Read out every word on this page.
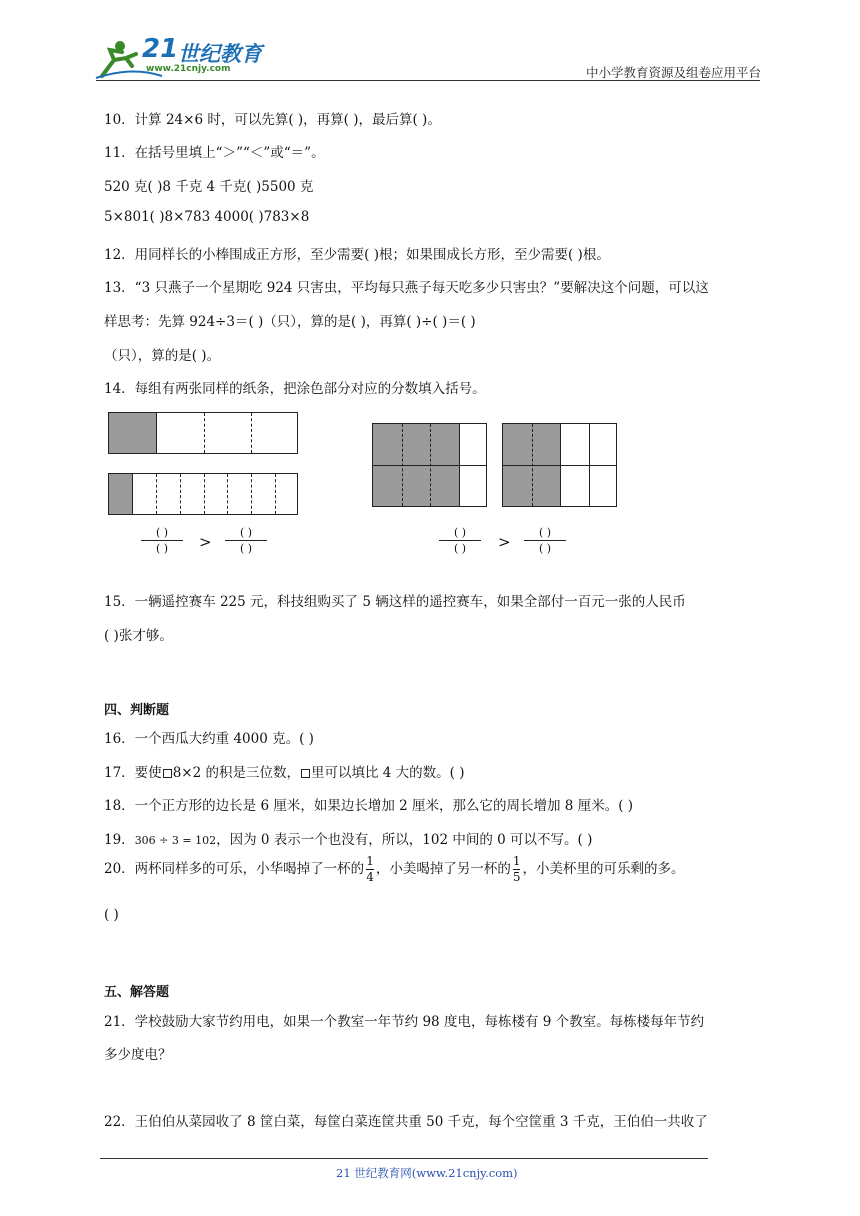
21 世纪教育
www.21cnjy.com	中小学教育资源及组卷应用平台
10．计算 24×6 时，可以先算( )，再算( )，最后算( )。
11．在括号里填上“＞”“＜”或“＝”。
520 克( )8 千克 4 千克( )5500 克
5×801( )8×783 4000( )783×8
12．用同样长的小棒围成正方形，至少需要( )根；如果围成长方形，至少需要( )根。
13．“3 只燕子一个星期吃 924 只害虫，平均每只燕子每天吃多少只害虫？”要解决这个问题，可以这
样思考：先算 924÷3＝( )（只），算的是( )，再算( )÷( )＝( )
（只），算的是( )。
14．每组有两张同样的纸条，把涂色部分对应的分数填入括号。
( )
( )	>
( )
( )
( )
( )	>
( )
( )
15．一辆遥控赛车 225 元，科技组购买了 5 辆这样的遥控赛车，如果全部付一百元一张的人民币
( )张才够。
四、判断题
16．一个西瓜大约重 4000 克。( )
17．要使 8×2 的积是三位数， 里可以填比 4 大的数。( )
18．一个正方形的边长是 6 厘米，如果边长增加 2 厘米，那么它的周长增加 8 厘米。( )
19．306 ÷ 3 = 102，因为 0 表示一个也没有，所以，102 中间的 0 可以不写。( )
20．两杯同样多的可乐，小华喝掉了一杯的 $\frac{1}{4}$ ，小美喝掉了另一杯的 $\frac{1}{5}$ ，小美杯里的可乐剩的多。
( )
五、解答题
21．学校鼓励大家节约用电，如果一个教室一年节约 98 度电，每栋楼有 9 个教室。每栋楼每年节约
多少度电？
22．王伯伯从菜园收了 8 筐白菜，每筐白菜连筐共重 50 千克，每个空筐重 3 千克，王伯伯一共收了
21 世纪教育网(www.21cnjy.com)
